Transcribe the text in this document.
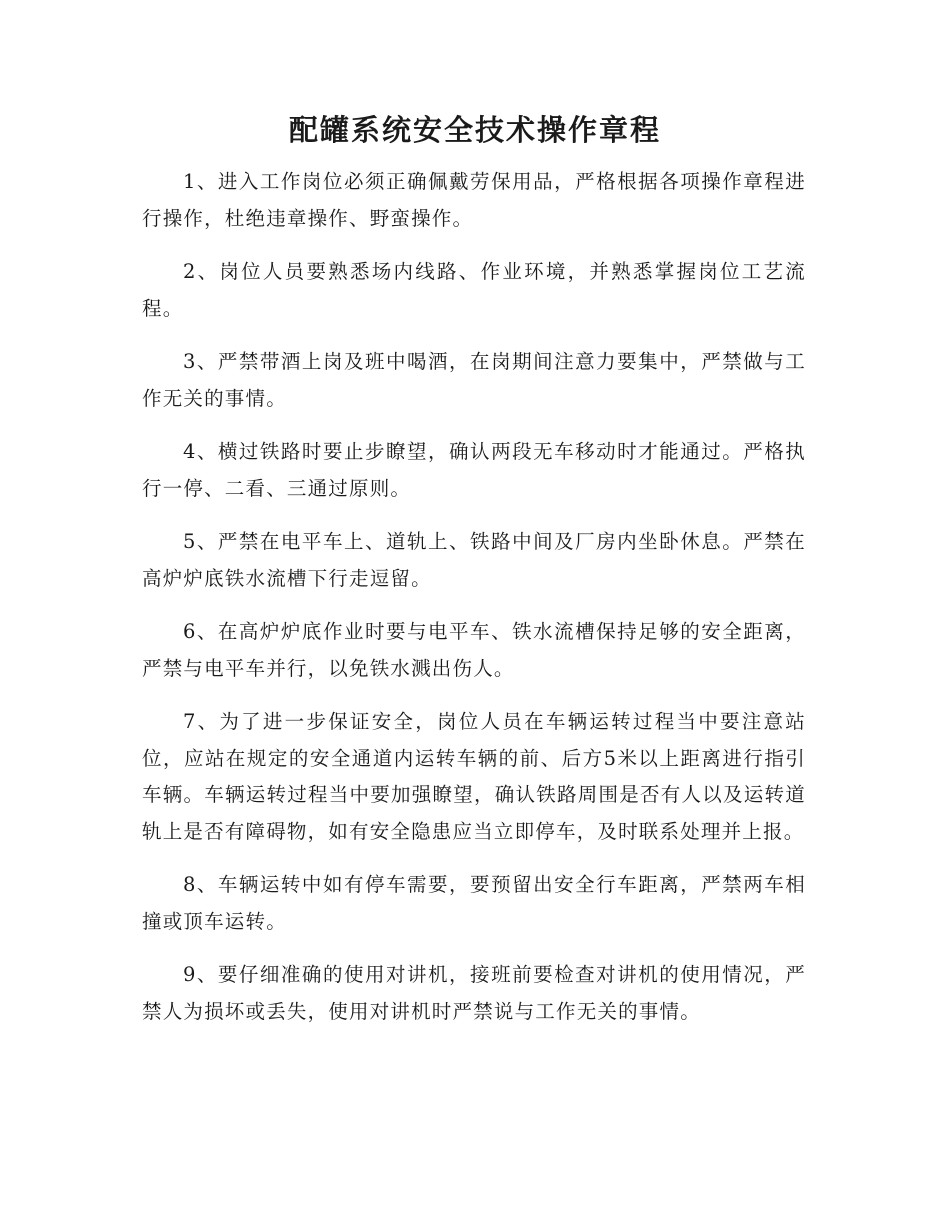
配罐系统安全技术操作章程

1、进入工作岗位必须正确佩戴劳保用品，严格根据各项操作章程进行操作，杜绝违章操作、野蛮操作。

2、岗位人员要熟悉场内线路、作业环境，并熟悉掌握岗位工艺流程。

3、严禁带酒上岗及班中喝酒，在岗期间注意力要集中，严禁做与工作无关的事情。

4、横过铁路时要止步瞭望，确认两段无车移动时才能通过。严格执行一停、二看、三通过原则。

5、严禁在电平车上、道轨上、铁路中间及厂房内坐卧休息。严禁在高炉炉底铁水流槽下行走逗留。

6、在高炉炉底作业时要与电平车、铁水流槽保持足够的安全距离，严禁与电平车并行，以免铁水溅出伤人。

7、为了进一步保证安全，岗位人员在车辆运转过程当中要注意站位，应站在规定的安全通道内运转车辆的前、后方5米以上距离进行指引车辆。车辆运转过程当中要加强瞭望，确认铁路周围是否有人以及运转道轨上是否有障碍物，如有安全隐患应当立即停车，及时联系处理并上报。

8、车辆运转中如有停车需要，要预留出安全行车距离，严禁两车相撞或顶车运转。

9、要仔细准确的使用对讲机，接班前要检查对讲机的使用情况，严禁人为损坏或丢失，使用对讲机时严禁说与工作无关的事情。
